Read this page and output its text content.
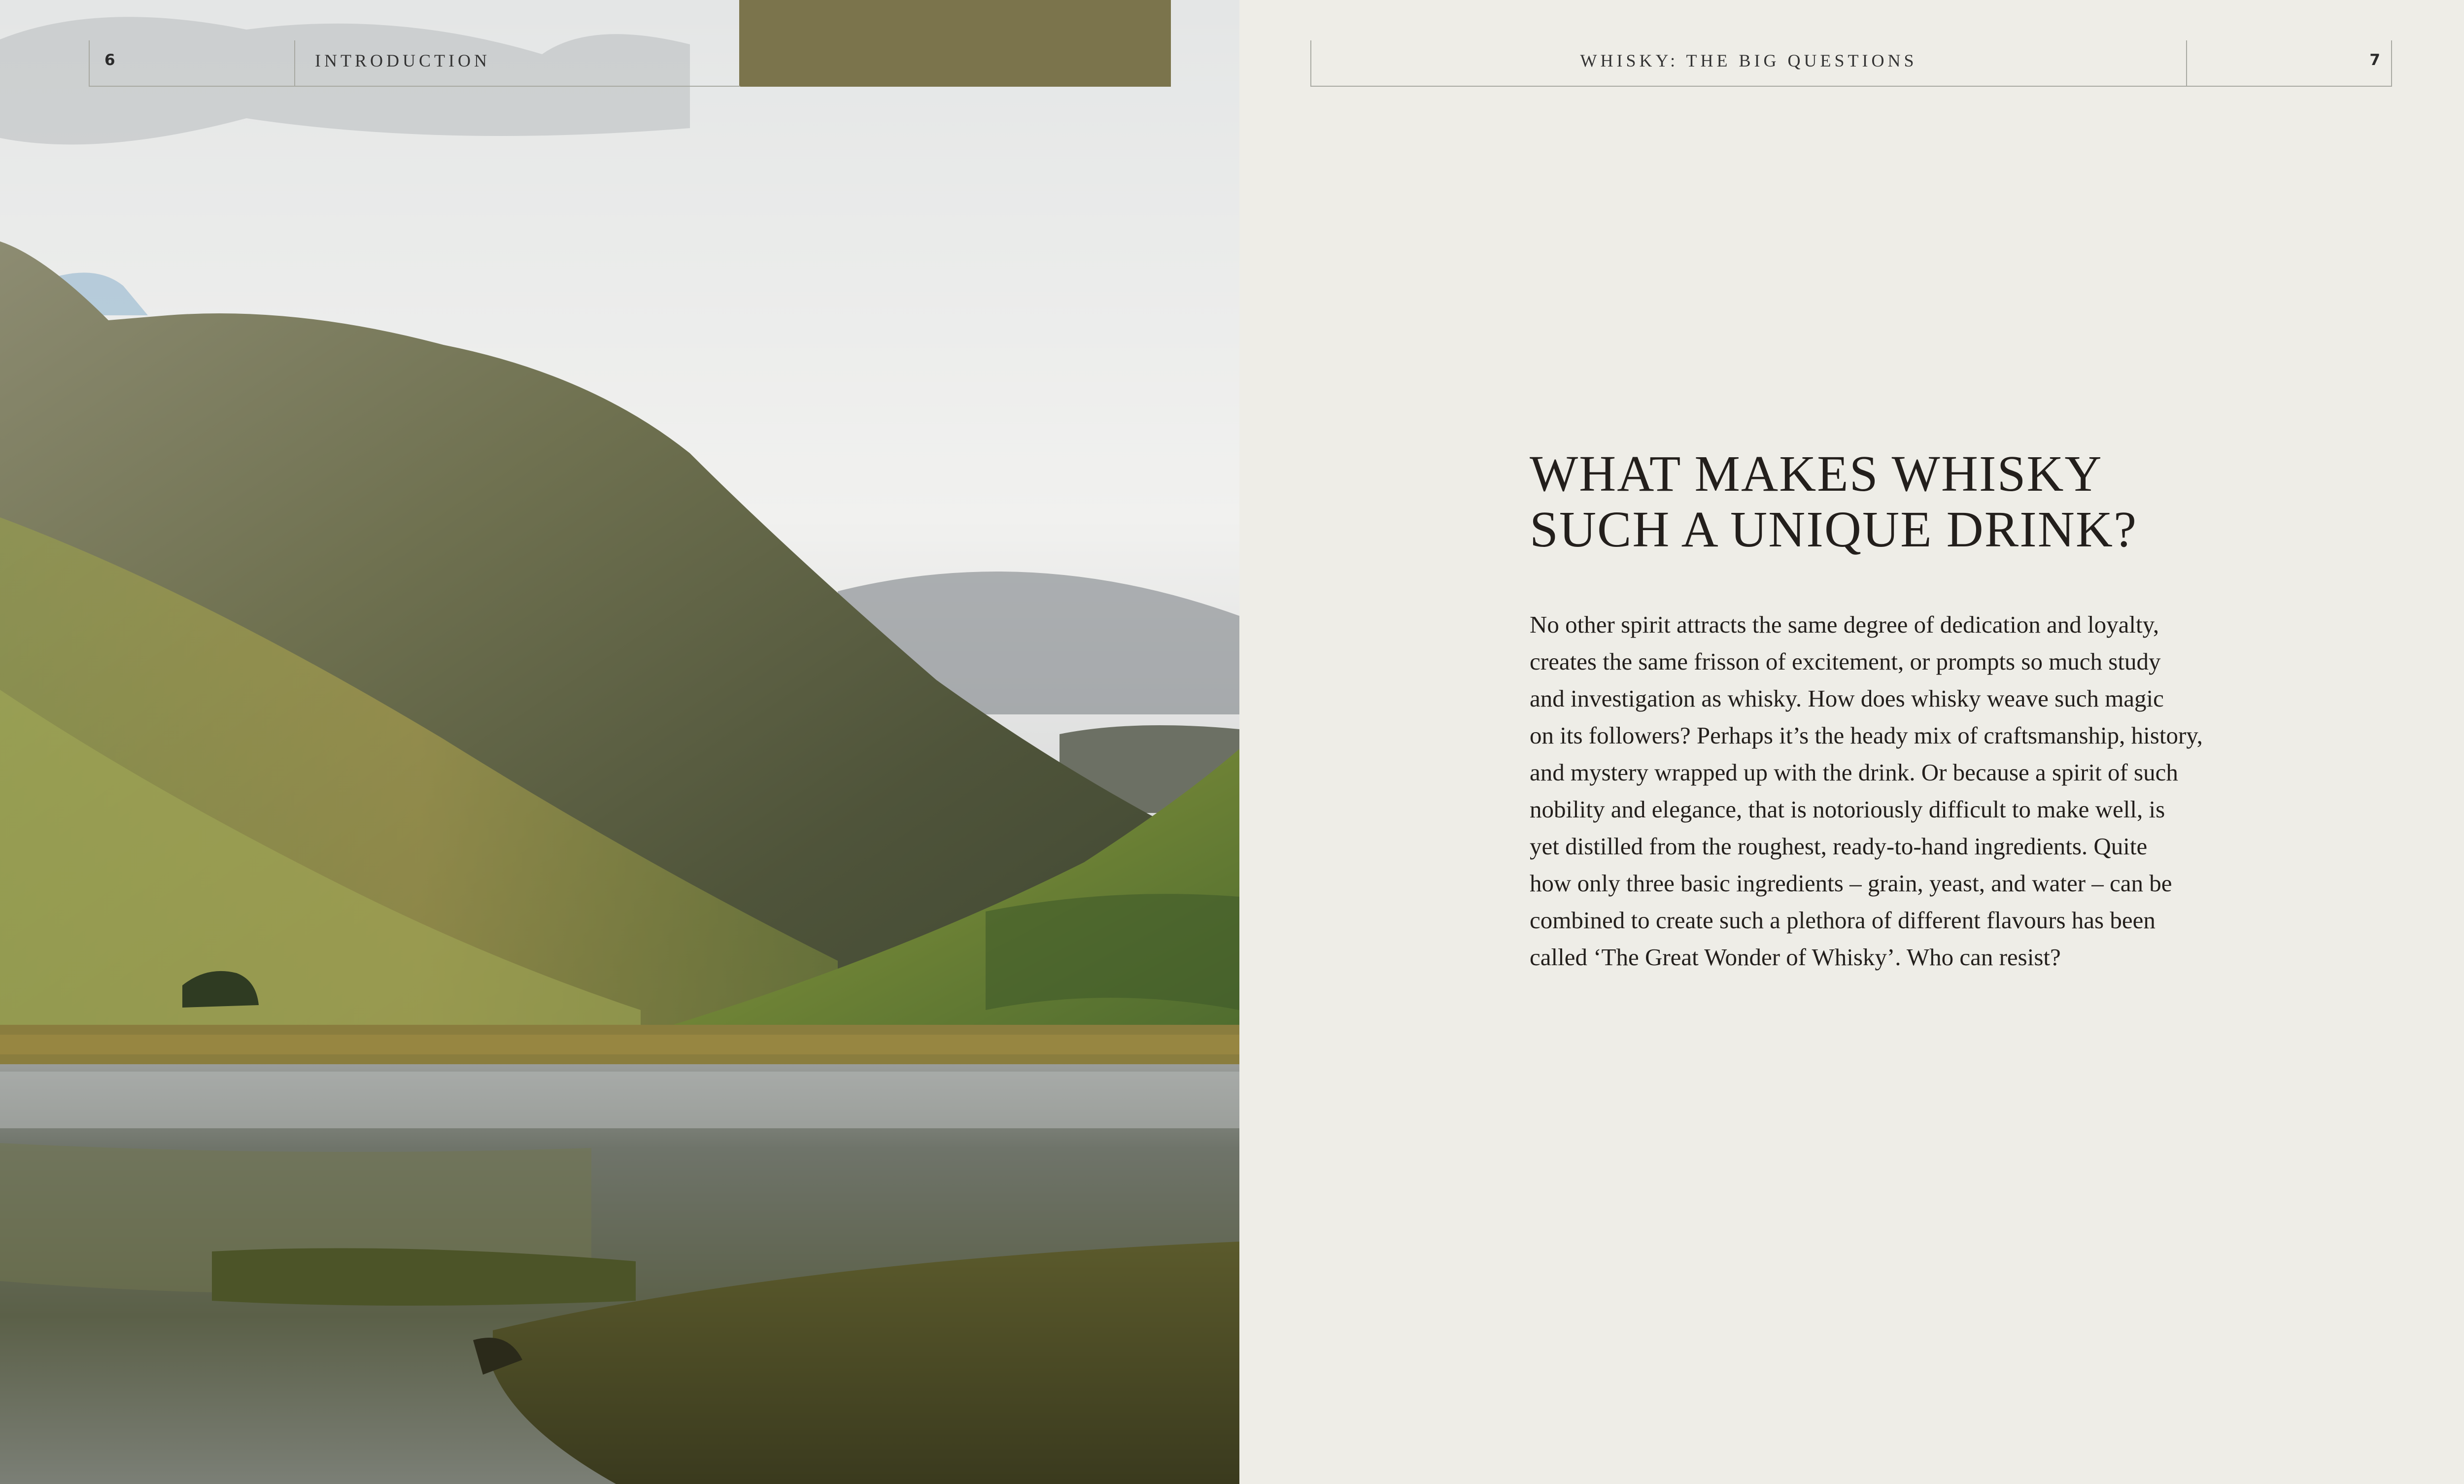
6	INTRODUCTION	WHISKY: THE BIG QUESTIONS	7
WHAT MAKES WHISKY
SUCH A UNIQUE DRINK?

No other spirit attracts the same degree of dedication and loyalty,
creates the same frisson of excitement, or prompts so much study
and investigation as whisky. How does whisky weave such magic
on its followers? Perhaps it’s the heady mix of craftsmanship, history,
and mystery wrapped up with the drink. Or because a spirit of such
nobility and elegance, that is notoriously difficult to make well, is
yet distilled from the roughest, ready-to-hand ingredients. Quite
how only three basic ingredients – grain, yeast, and water – can be
combined to create such a plethora of different flavours has been
called ‘The Great Wonder of Whisky’. Who can resist?
